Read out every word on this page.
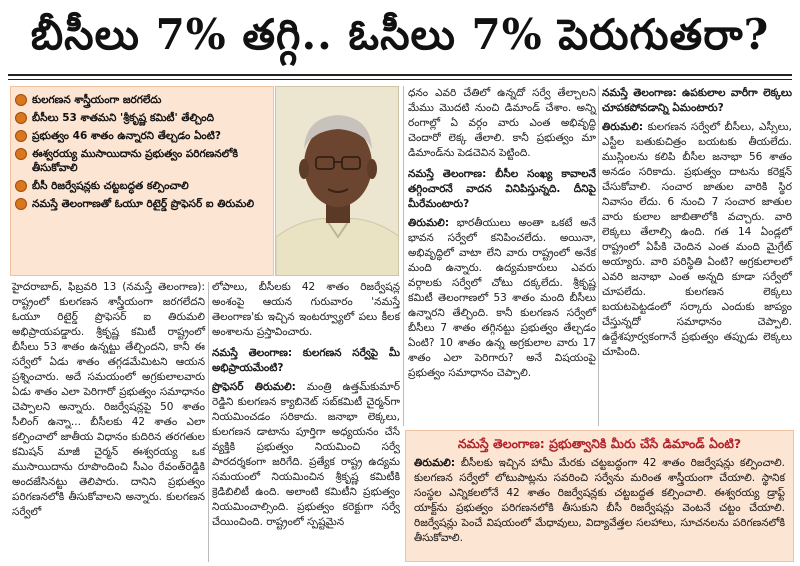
బీసీలు 7% తగ్గి.. ఓసీలు 7% పెరుగుతరా?
కులగణన శాస్త్రీయంగా జరగలేదు
బీసీలు 53 శాతమని 'శ్రీకృష్ణ కమిటీ' తేల్చింది
ప్రభుత్వం 46 శాతం ఉన్నారని తేల్చడం ఏంటి?
ఈశ్వరయ్య ముసాయిదాను ప్రభుత్వం పరిగణనలోకి తీసుకోవాలి
బీసీ రిజర్వేషన్లకు చట్టబద్ధత కల్పించాలి
నమస్తే తెలంగాణతో ఓయూ రిటైర్డ్ ప్రొఫెసర్ ఐ తిరుమలి

హైదరాబాద్, ఫిబ్రవరి 13 (నమస్తే తెలంగాణ): రాష్ట్రంలో కులగణన శాస్త్రీయంగా జరగలేదని ఓయూ రిటైర్డ్ ప్రొఫెసర్ ఐ తిరుమలి అభిప్రాయపడ్డారు. శ్రీకృష్ణ కమిటీ రాష్ట్రంలో బీసీలు 53 శాతం ఉన్నట్టు తేల్చిందని, కానీ ఈ సర్వేలో ఏడు శాతం తగ్గడమేమిటని ఆయన ప్రశ్నించారు. అదే సమయంలో అగ్రకులాలవారు ఏడు శాతం ఎలా పెరిగారో ప్రభుత్వం సమాధానం చెప్పాలని అన్నారు. రిజర్వేషన్లపై 50 శాతం సీలింగ్ ఉన్నా... బీసీలకు 42 శాతం ఎలా కల్పించాలో జాతీయ విధానం కుదిరిన తరగతుల కమిషన్ మాజీ చైర్మన్ ఈశ్వరయ్య ఒక ముసాయిదాను రూపొందించి సీఎం రేవంత్‌రెడ్డికి అందజేసినట్టు తెలిపారు. దానిని ప్రభుత్వం పరిగణనలోకి తీసుకోవాలని అన్నారు. కులగణన సర్వేలో

లోపాలు, బీసీలకు 42 శాతం రిజర్వేషన్ల అంశంపై ఆయన గురువారం 'నమస్తే తెలంగాణ'కు ఇచ్చిన ఇంటర్వ్యూలో పలు కీలక అంశాలను ప్రస్తావించారు.

నమస్తే తెలంగాణ: కులగణన సర్వేపై మీ అభిప్రాయమేంటి?

ప్రొఫెసర్ తిరుమలి: మంత్రి ఉత్తమ్‌కుమార్ రెడ్డిని కులగణన క్యాబినెట్ సబ్‌కమిటీ చైర్మన్‌గా నియమించడం సరికాదు. జనాభా లెక్కలు, కులగణన డాటాను పూర్తిగా అధ్యయనం చేసే వ్యక్తికి ప్రభుత్వం నియమించి సర్వే పారదర్శకంగా జరిగేది. ప్రత్యేక రాష్ట్ర ఉద్యమ సమయంలో నియమించిన శ్రీకృష్ణ కమిటీకి క్రెడిబిలిటీ ఉంది. అలాంటి కమిటీని ప్రభుత్వం నియమించాల్సింది. ప్రభుత్వం కరెక్టుగా సర్వే చేయించింది. రాష్ట్రంలో స్పష్టమైన

ధనం ఎవరి చేతిలో ఉన్నదో సర్వే తేల్చాలని మేము మొదటి నుంచి డిమాండ్ చేశాం. అన్ని రంగాల్లో ఏ వర్గం వారు ఎంత అభివృద్ధి చెందారో లెక్క తేలాలి. కానీ ప్రభుత్వం మా డిమాండ్‌ను పెడచెవిన పెట్టింది.

నమస్తే తెలంగాణ: బీసీల సంఖ్య కావాలనే తగ్గించారనే వాదన వినిపిస్తున్నది. దీనిపై మీరేమంటారు?

తిరుమలి: భారతీయులు అంతా ఒకటే అనే భావన సర్వేలో కనిపించలేదు. అయినా, అభివృద్ధిలో వాటా లేని వారు రాష్ట్రంలో అనేక మంది ఉన్నారు. ఉద్యమకారులు ఎవరు వర్గాలకు సర్వేలో చోటు దక్కలేదు. శ్రీకృష్ణ కమిటీ తెలంగాణలో 53 శాతం మంది బీసీలు ఉన్నారని తేల్చింది. కానీ కులగణన సర్వేలో బీసీలు 7 శాతం తగ్గినట్టు ప్రభుత్వం తేల్చడం ఏంటి? 10 శాతం ఉన్న అగ్రకులాల వారు 17 శాతం ఎలా పెరిగారు? అనే విషయంపై ప్రభుత్వం సమాధానం చెప్పాలి.

నమస్తే తెలంగాణ: ఉపకులాల వారీగా లెక్కలు చూపకపోవడాన్ని ఏమంటారు?

తిరుమలి: కులగణన సర్వేలో బీసీలు, ఎస్సీలు, ఎస్టీల బతుకుచిత్రం బయటకు తీయలేదు. ముస్లింలను కలిపి బీసీల జనాభా 56 శాతం అనడం సరికాదు. ప్రభుత్వం దాటను కరెక్షన్ చేసుకోవాలి. సంచార జాతుల వారికి స్థిర నివాసం లేదు. 6 నుంచి 7 సంచార జాతుల వారు కులాల జాబితాలోకి వచ్చారు. వారి లెక్కలు తేలాల్సి ఉంది. గత 14 ఏండ్లలో రాష్ట్రంలో ఏపీకి చెందిన ఎంత మంది మైగ్రేట్ అయ్యారు. వారి పరిస్థితి ఏంటి? అగ్రకులాలలో ఎవరి జనాభా ఎంత అన్నది కూడా సర్వేలో చూపలేదు. కులగణన లెక్కలు బయటపెట్టడంలో సర్కారు ఎందుకు జాప్యం చేస్తున్నదో సమాధానం చెప్పాలి. ఉద్దేశపూర్వకంగానే ప్రభుత్వం తప్పుడు లెక్కలు చూపింది.

నమస్తే తెలంగాణ: ప్రభుత్వానికి మీరు చేసే డిమాండ్ ఏంటి?
తిరుమలి: బీసీలకు ఇచ్చిన హామీ మేరకు చట్టబద్ధంగా 42 శాతం రిజర్వేషన్లు కల్పించాలి. కులగణన సర్వేలో లోటుపాట్లను సవరించి సర్వేను మరింత శాస్త్రీయంగా చేయాలి. స్థానిక సంస్థల ఎన్నికలలోనే 42 శాతం రిజర్వేషన్లకు చట్టబద్ధత కల్పించాలి. ఈశ్వరయ్య డ్రాఫ్ట్ యాక్ట్‌ను ప్రభుత్వం పరిగణనలోకి తీసుకుని బీసీ రిజర్వేషన్లు వెంటనే చట్టం చేయాలి. రిజర్వేషన్లు పెంచే విషయంలో మేధావులు, విద్యావేత్తల సలహాలు, సూచనలను పరిగణనలోకి తీసుకోవాలి.
